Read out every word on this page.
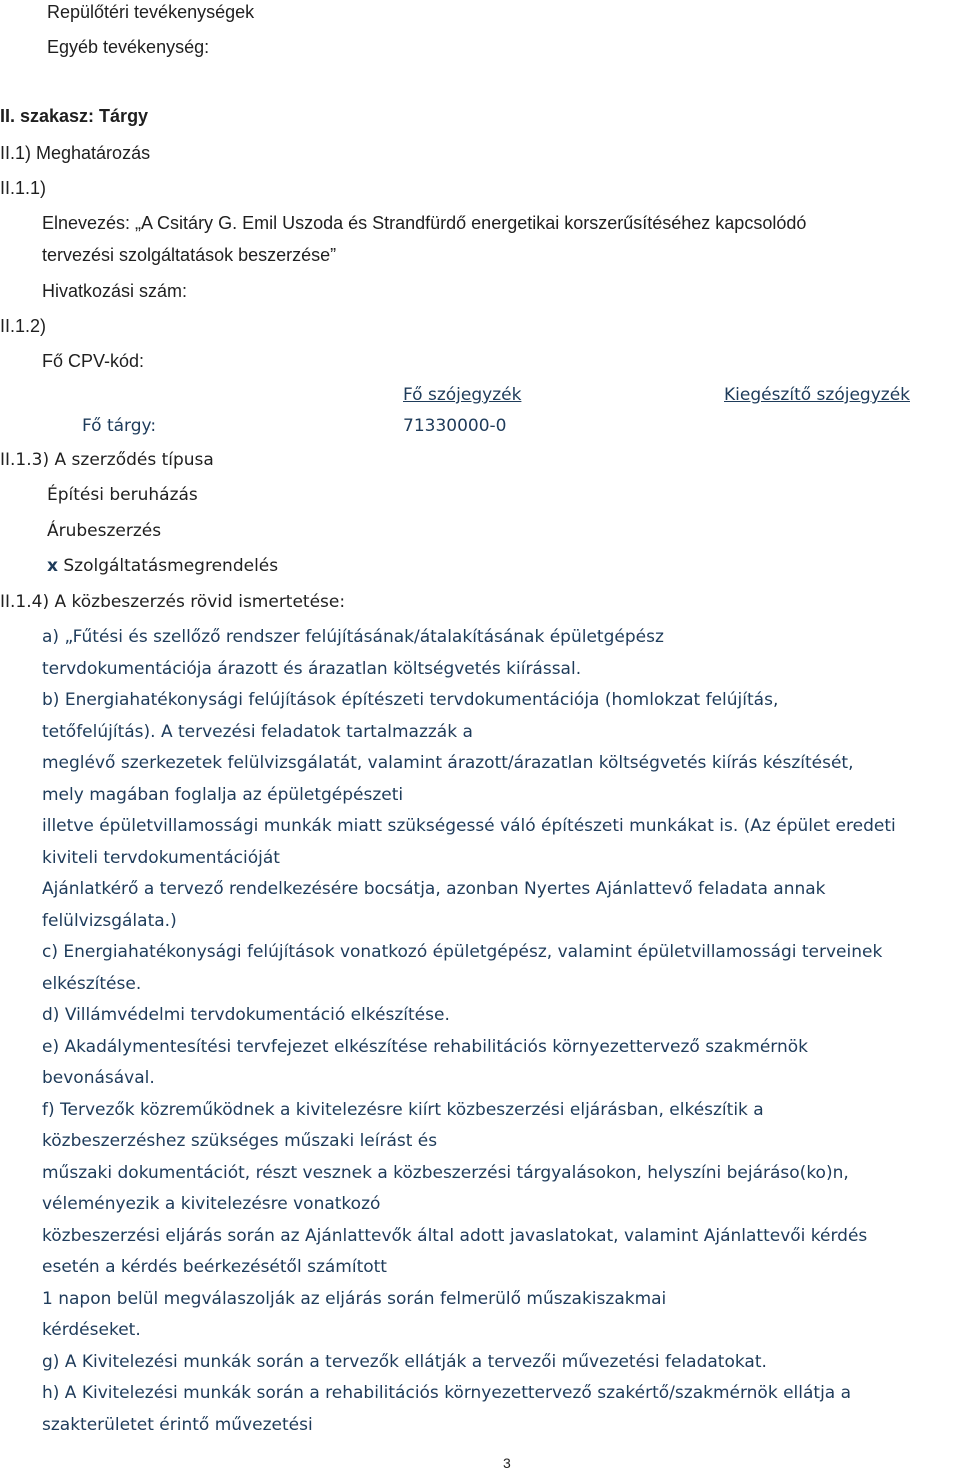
Repülőtéri tevékenységek
Egyéb tevékenység:
II. szakasz: Tárgy
II.1) Meghatározás
II.1.1)
Elnevezés: „A Csitáry G. Emil Uszoda és Strandfürdő energetikai korszerűsítéséhez kapcsolódó
tervezési szolgáltatások beszerzése”
Hivatkozási szám:
II.1.2)
Fő CPV-kód:
Fő szójegyzék	Kiegészítő szójegyzék
Fő tárgy:	71330000-0
II.1.3) A szerződés típusa
Építési beruházás
Árubeszerzés
x Szolgáltatásmegrendelés
II.1.4) A közbeszerzés rövid ismertetése:
a) „Fűtési és szellőző rendszer felújításának/átalakításának épületgépész
tervdokumentációja árazott és árazatlan költségvetés kiírással.
b) Energiahatékonysági felújítások építészeti tervdokumentációja (homlokzat felújítás,
tetőfelújítás). A tervezési feladatok tartalmazzák a
meglévő szerkezetek felülvizsgálatát, valamint árazott/árazatlan költségvetés kiírás készítését,
mely magában foglalja az épületgépészeti
illetve épületvillamossági munkák miatt szükségessé váló építészeti munkákat is. (Az épület eredeti
kiviteli tervdokumentációját
Ajánlatkérő a tervező rendelkezésére bocsátja, azonban Nyertes Ajánlattevő feladata annak
felülvizsgálata.)
c) Energiahatékonysági felújítások vonatkozó épületgépész, valamint épületvillamossági terveinek
elkészítése.
d) Villámvédelmi tervdokumentáció elkészítése.
e) Akadálymentesítési tervfejezet elkészítése rehabilitációs környezettervező szakmérnök
bevonásával.
f) Tervezők közreműködnek a kivitelezésre kiírt közbeszerzési eljárásban, elkészítik a
közbeszerzéshez szükséges műszaki leírást és
műszaki dokumentációt, részt vesznek a közbeszerzési tárgyalásokon, helyszíni bejáráso(ko)n,
véleményezik a kivitelezésre vonatkozó
közbeszerzési eljárás során az Ajánlattevők által adott javaslatokat, valamint Ajánlattevői kérdés
esetén a kérdés beérkezésétől számított
1 napon belül megválaszolják az eljárás során felmerülő műszakiszakmai
kérdéseket.
g) A Kivitelezési munkák során a tervezők ellátják a tervezői művezetési feladatokat.
h) A Kivitelezési munkák során a rehabilitációs környezettervező szakértő/szakmérnök ellátja a
szakterületet érintő művezetési
3
